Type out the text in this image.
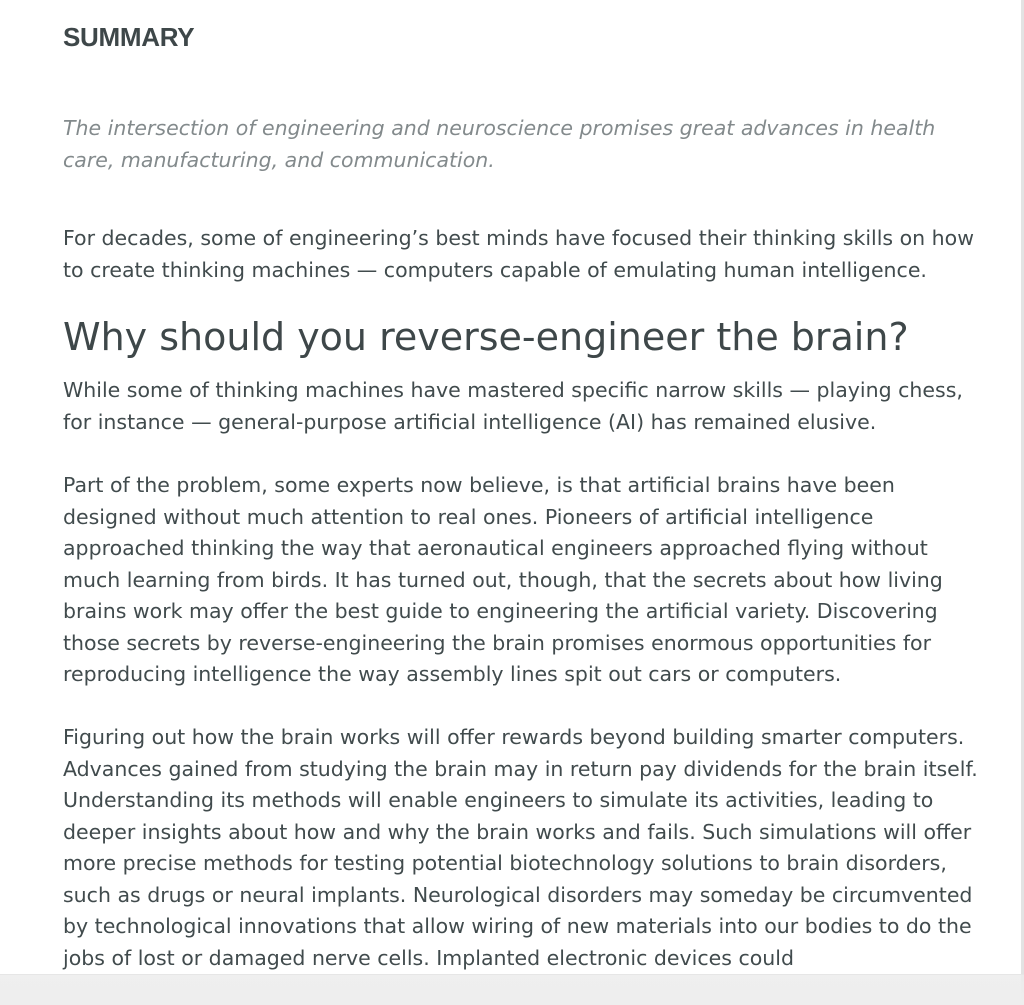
SUMMARY

The intersection of engineering and neuroscience promises great advances in health care, manufacturing, and communication.

For decades, some of engineering’s best minds have focused their thinking skills on how to create thinking machines — computers capable of emulating human intelligence.

Why should you reverse-engineer the brain?

While some of thinking machines have mastered specific narrow skills — playing chess, for instance — general-purpose artificial intelligence (AI) has remained elusive.

Part of the problem, some experts now believe, is that artificial brains have been designed without much attention to real ones. Pioneers of artificial intelligence approached thinking the way that aeronautical engineers approached flying without much learning from birds. It has turned out, though, that the secrets about how living brains work may offer the best guide to engineering the artificial variety. Discovering those secrets by reverse-engineering the brain promises enormous opportunities for reproducing intelligence the way assembly lines spit out cars or computers.

Figuring out how the brain works will offer rewards beyond building smarter computers. Advances gained from studying the brain may in return pay dividends for the brain itself. Understanding its methods will enable engineers to simulate its activities, leading to deeper insights about how and why the brain works and fails. Such simulations will offer more precise methods for testing potential biotechnology solutions to brain disorders, such as drugs or neural implants. Neurological disorders may someday be circumvented by technological innovations that allow wiring of new materials into our bodies to do the jobs of lost or damaged nerve cells. Implanted electronic devices could
